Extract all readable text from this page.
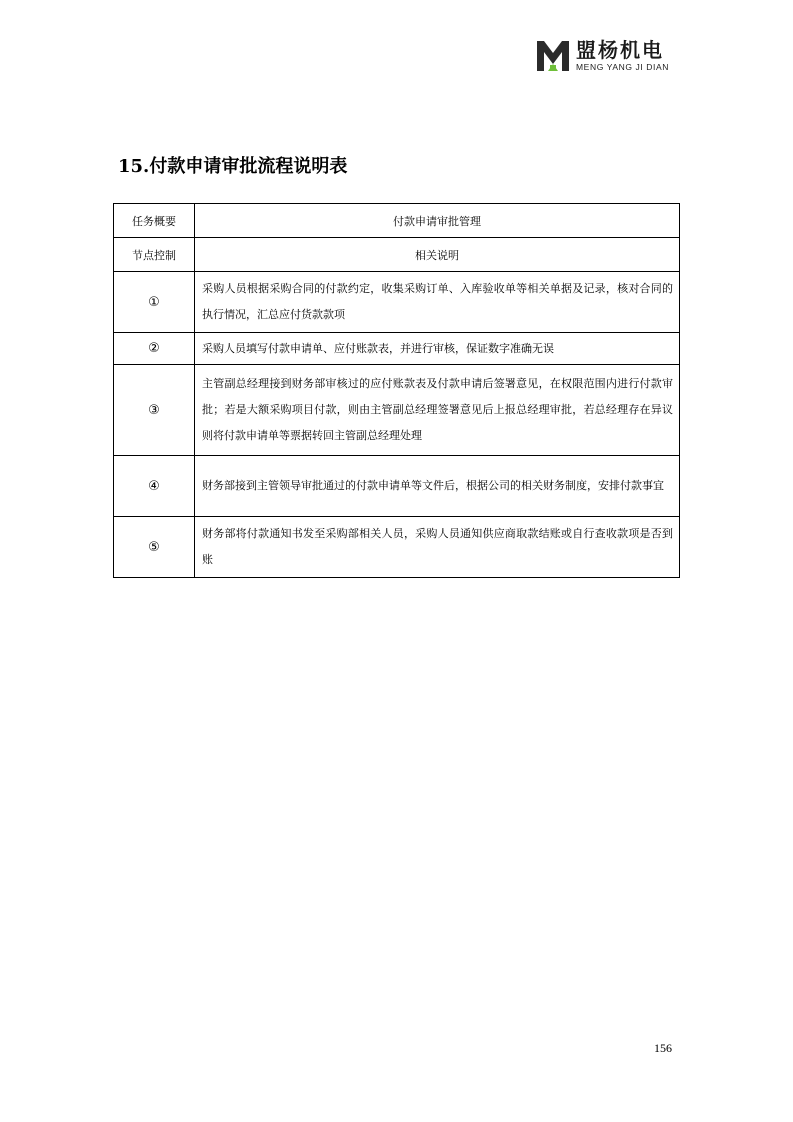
盟杨机电
MENG YANG JI DIAN
15.付款申请审批流程说明表
任务概要	付款申请审批管理
节点控制	相关说明
①	采购人员根据采购合同的付款约定，收集采购订单、入库验收单等相关单据及记录，核对合同的执行情况，汇总应付货款款项
②	采购人员填写付款申请单、应付账款表，并进行审核，保证数字准确无误
③	主管副总经理接到财务部审核过的应付账款表及付款申请后签署意见，在权限范围内进行付款审批；若是大额采购项目付款，则由主管副总经理签署意见后上报总经理审批，若总经理存在异议则将付款申请单等票据转回主管副总经理处理
④	财务部接到主管领导审批通过的付款申请单等文件后，根据公司的相关财务制度，安排付款事宜
⑤	财务部将付款通知书发至采购部相关人员，采购人员通知供应商取款结账或自行查收款项是否到账
156
